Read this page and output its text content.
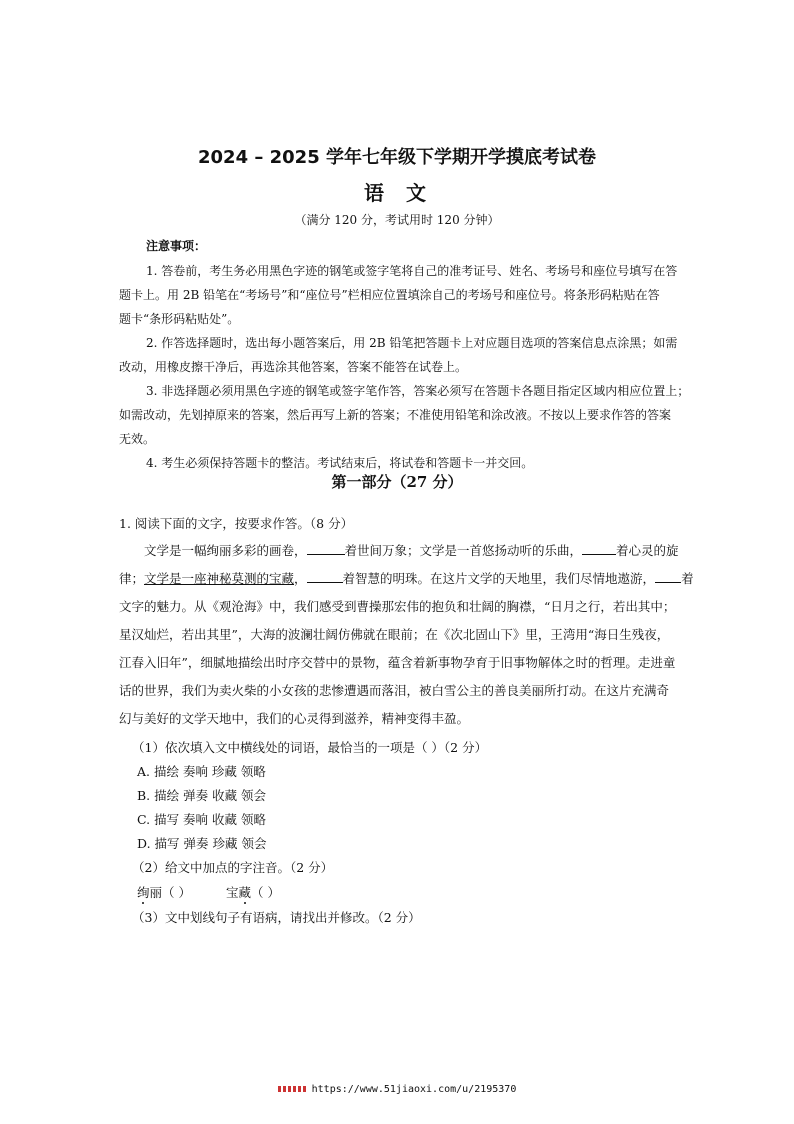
2024 – 2025 学年七年级下学期开学摸底考试卷
语文
（满分 120 分，考试用时 120 分钟）
注意事项：
1. 答卷前，考生务必用黑色字迹的钢笔或签字笔将自己的准考证号、姓名、考场号和座位号填写在答
题卡上。用 2B 铅笔在“考场号”和“座位号”栏相应位置填涂自己的考场号和座位号。将条形码粘贴在答
题卡“条形码粘贴处”。
2. 作答选择题时，选出每小题答案后，用 2B 铅笔把答题卡上对应题目选项的答案信息点涂黑；如需
改动，用橡皮擦干净后，再选涂其他答案，答案不能答在试卷上。
3. 非选择题必须用黑色字迹的钢笔或签字笔作答，答案必须写在答题卡各题目指定区域内相应位置上；
如需改动，先划掉原来的答案，然后再写上新的答案；不准使用铅笔和涂改液。不按以上要求作答的答案
无效。
4. 考生必须保持答题卡的整洁。考试结束后，将试卷和答题卡一并交回。
第一部分（27 分）
1. 阅读下面的文字，按要求作答。（8 分）
文学是一幅绚丽多彩的画卷，	着世间万象；文学是一首悠扬动听的乐曲，	着心灵的旋
律；文学是一座神秘莫测的宝藏，	着智慧的明珠。在这片文学的天地里，我们尽情地遨游， 着
文字的魅力。从《观沧海》中，我们感受到曹操那宏伟的抱负和壮阔的胸襟，“日月之行，若出其中；
星汉灿烂，若出其里”，大海的波澜壮阔仿佛就在眼前；在《次北固山下》里，王湾用“海日生残夜，
江春入旧年”，细腻地描绘出时序交替中的景物，蕴含着新事物孕育于旧事物解体之时的哲理。走进童
话的世界，我们为卖火柴的小女孩的悲惨遭遇而落泪，被白雪公主的善良美丽所打动。在这片充满奇
幻与美好的文学天地中，我们的心灵得到滋养，精神变得丰盈。
（1）依次填入文中横线处的词语，最恰当的一项是（ ）（2 分）
A. 描绘 奏响 珍藏 领略
B. 描绘 弹奏 收藏 领会
C. 描写 奏响 收藏 领略
D. 描写 弹奏 珍藏 领会
（2）给文中加点的字注音。（2 分）
绚丽（ ）	宝藏（ ）
（3）文中划线句子有语病，请找出并修改。（2 分）
https://www.51jiaoxi.com/u/2195370
